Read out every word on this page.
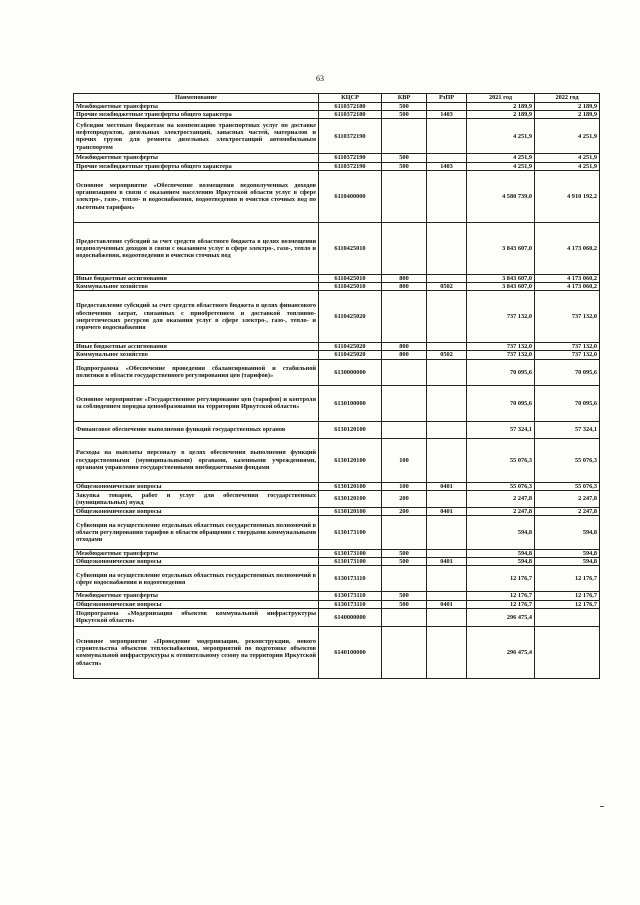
63
Наименование	КЦСР	КВР	РзПР	2021 год	2022 год
Межбюджетные трансферты	6110372180	500		2 189,9	2 189,9
Прочие межбюджетные трансферты общего характера	6110372180	500	1403	2 189,9	2 189,9
Субсидии местным бюджетам на компенсацию транспортных услуг по доставке нефтепродуктов, дизельных электростанций, запасных частей, материалов и прочих грузов для ремонта дизельных электростанций автомобильным транспортом	6110372190			4 251,9	4 251,9
Межбюджетные трансферты	6110372190	500		4 251,9	4 251,9
Прочие межбюджетные трансферты общего характера	6110372190	500	1403	4 251,9	4 251,9
Основное мероприятие «Обеспечение возмещения недополученных доходов организациям в связи с оказанием населению Иркутской области услуг в сфере электро-, газо-, тепло- и водоснабжения, водоотведения и очистки сточных вод по льготным тарифам»	6110400000			4 580 739,0	4 910 192,2
Предоставление субсидий за счет средств областного бюджета в целях возмещения недополученных доходов в связи с оказанием услуг в сфере электро-, газо-, тепло и водоснабжения, водоотведения и очистки сточных вод	6110425010			3 843 607,0	4 173 060,2
Иные бюджетные ассигнования	6110425010	800		3 843 607,0	4 173 060,2
Коммунальное хозяйство	6110425010	800	0502	3 843 607,0	4 173 060,2
Предоставление субсидий за счет средств областного бюджета в целях финансового обеспечения затрат, связанных с приобретением и доставкой топливно-энергетических ресурсов для оказания услуг в сфере электро-, газо-, тепло- и горячего водоснабжения	6110425020			737 132,0	737 132,0
Иные бюджетные ассигнования	6110425020	800		737 132,0	737 132,0
Коммунальное хозяйство	6110425020	800	0502	737 132,0	737 132,0
Подпрограмма «Обеспечение проведения сбалансированной и стабильной политики в области государственного регулирования цен (тарифов)»	6130000000			70 095,6	70 095,6
Основное мероприятие «Государственное регулирование цен (тарифов) и контроля за соблюдением порядка ценообразования на территории Иркутской области»	6130100000			70 095,6	70 095,6
Финансовое обеспечение выполнения функций государственных органов	6130120100			57 324,1	57 324,1
Расходы на выплаты персоналу в целях обеспечения выполнения функций государственными (муниципальными) органами, казенными учреждениями, органами управления государственными внебюджетными фондами	6130120100	100		55 076,3	55 076,3
Общеэкономические вопросы	6130120100	100	0401	55 076,3	55 076,3
Закупка товаров, работ и услуг для обеспечения государственных (муниципальных) нужд	6130120100	200		2 247,8	2 247,8
Общеэкономические вопросы	6130120100	200	0401	2 247,8	2 247,8
Субвенции на осуществление отдельных областных государственных полномочий в области регулирования тарифов в области обращения с твердыми коммунальными отходами	6130173100			594,8	594,8
Межбюджетные трансферты	6130173100	500		594,8	594,8
Общеэкономические вопросы	6130173100	500	0401	594,8	594,8
Субвенции на осуществление отдельных областных государственных полномочий в сфере водоснабжения и водоотведения	6130173110			12 176,7	12 176,7
Межбюджетные трансферты	6130173110	500		12 176,7	12 176,7
Общеэкономические вопросы	6130173110	500	0401	12 176,7	12 176,7
Подпрограмма «Модернизация объектов коммунальной инфраструктуры Иркутской области»	6140000000			296 475,4	
Основное мероприятие «Проведение модернизации, реконструкции, нового строительства объектов теплоснабжения, мероприятий по подготовке объектов коммунальной инфраструктуры к отопительному сезону на территории Иркутской области»	6140100000			296 475,4	
